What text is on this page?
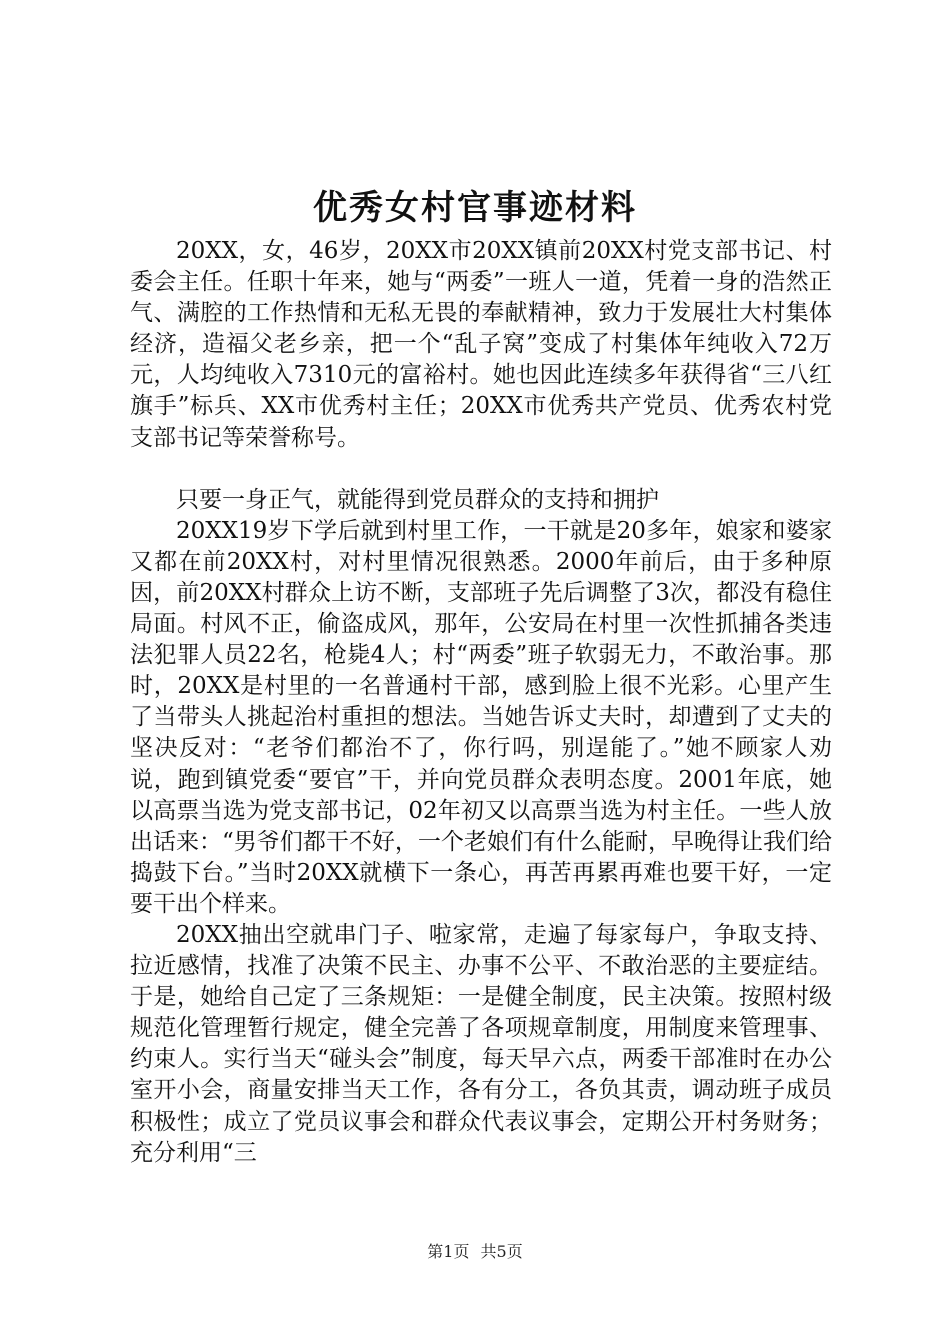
优秀女村官事迹材料

20XX，女，46岁，20XX市20XX镇前20XX村党支部书记、村委会主任。任职十年来，她与“两委”一班人一道，凭着一身的浩然正气、满腔的工作热情和无私无畏的奉献精神，致力于发展壮大村集体经济，造福父老乡亲，把一个“乱子窝”变成了村集体年纯收入72万元，人均纯收入7310元的富裕村。她也因此连续多年获得省“三八红旗手”标兵、XX市优秀村主任；20XX市优秀共产党员、优秀农村党支部书记等荣誉称号。

只要一身正气，就能得到党员群众的支持和拥护

20XX19岁下学后就到村里工作，一干就是20多年，娘家和婆家又都在前20XX村，对村里情况很熟悉。2000年前后，由于多种原因，前20XX村群众上访不断，支部班子先后调整了3次，都没有稳住局面。村风不正，偷盗成风，那年，公安局在村里一次性抓捕各类违法犯罪人员22名，枪毙4人；村“两委”班子软弱无力，不敢治事。那时，20XX是村里的一名普通村干部，感到脸上很不光彩。心里产生了当带头人挑起治村重担的想法。当她告诉丈夫时，却遭到了丈夫的坚决反对：“老爷们都治不了，你行吗，别逞能了。”她不顾家人劝说，跑到镇党委“要官”干，并向党员群众表明态度。2001年底，她以高票当选为党支部书记，02年初又以高票当选为村主任。一些人放出话来：“男爷们都干不好，一个老娘们有什么能耐，早晚得让我们给捣鼓下台。”当时20XX就横下一条心，再苦再累再难也要干好，一定要干出个样来。

20XX抽出空就串门子、啦家常，走遍了每家每户，争取支持、拉近感情，找准了决策不民主、办事不公平、不敢治恶的主要症结。于是，她给自己定了三条规矩：一是健全制度，民主决策。按照村级规范化管理暂行规定，健全完善了各项规章制度，用制度来管理事、约束人。实行当天“碰头会”制度，每天早六点，两委干部准时在办公室开小会，商量安排当天工作，各有分工，各负其责，调动班子成员积极性；成立了党员议事会和群众代表议事会，定期公开村务财务；充分利用“三

第1页 共5页
